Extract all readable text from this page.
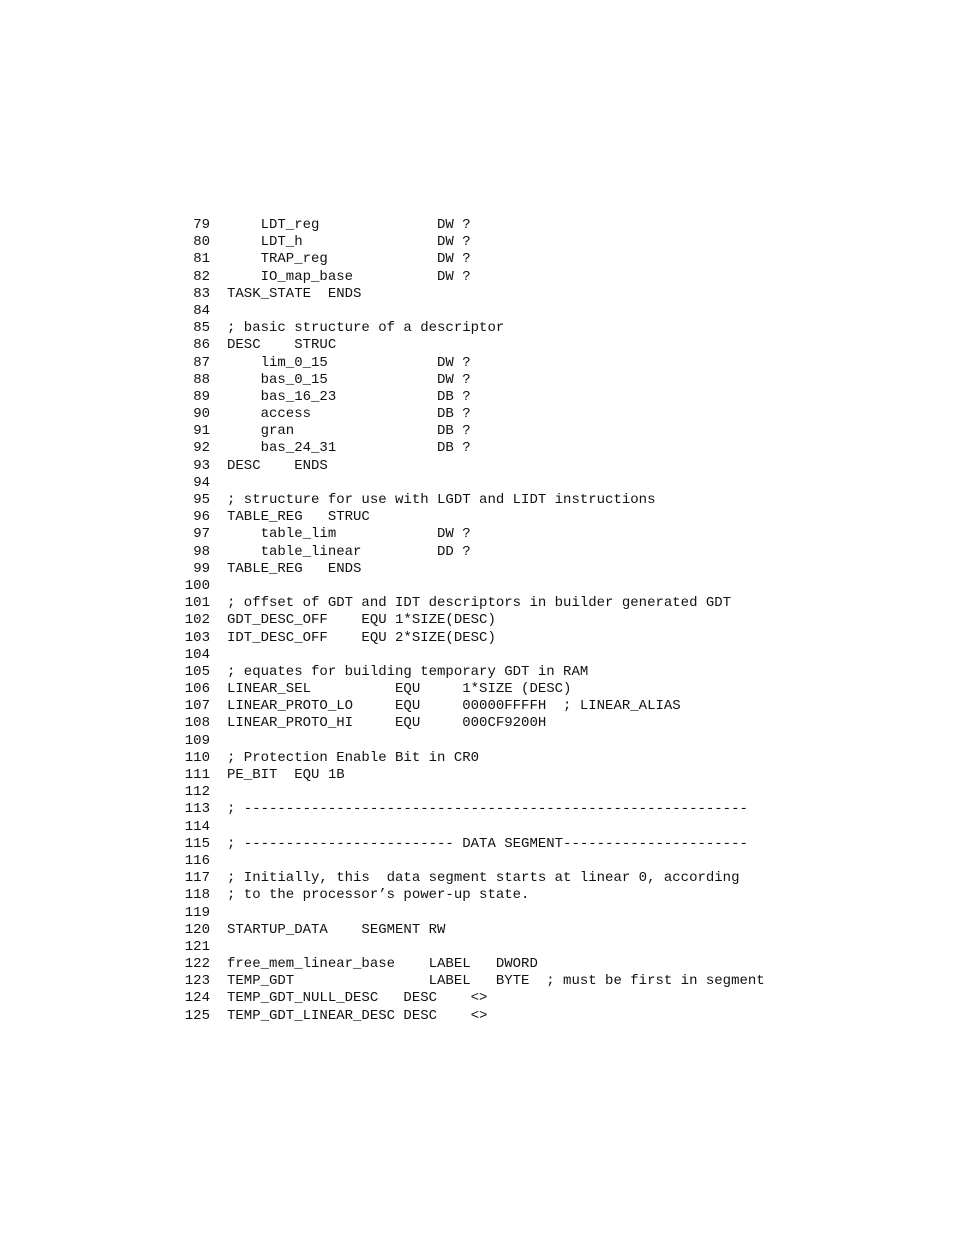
79    LDT_reg              DW ?
80    LDT_h                DW ?
81    TRAP_reg             DW ?
82    IO_map_base          DW ?
83 TASK_STATE  ENDS
84
85 ; basic structure of a descriptor
86 DESC    STRUC
87    lim_0_15             DW ?
88    bas_0_15             DW ?
89    bas_16_23            DB ?
90    access               DB ?
91    gran                 DB ?
92    bas_24_31            DB ?
93 DESC    ENDS
94
95 ; structure for use with LGDT and LIDT instructions
96 TABLE_REG   STRUC
97    table_lim            DW ?
98    table_linear         DD ?
99 TABLE_REG   ENDS
100
101 ; offset of GDT and IDT descriptors in builder generated GDT
102 GDT_DESC_OFF    EQU 1*SIZE(DESC)
103 IDT_DESC_OFF    EQU 2*SIZE(DESC)
104
105 ; equates for building temporary GDT in RAM
106 LINEAR_SEL          EQU     1*SIZE (DESC)
107 LINEAR_PROTO_LO     EQU     00000FFFFH  ; LINEAR_ALIAS
108 LINEAR_PROTO_HI     EQU     000CF9200H
109
110 ; Protection Enable Bit in CR0
111 PE_BIT  EQU 1B
112
113 ; ------------------------------------------------------------
114
115 ; ------------------------- DATA SEGMENT----------------------
116
117 ; Initially, this  data segment starts at linear 0, according
118 ; to the processor’s power-up state.
119
120 STARTUP_DATA    SEGMENT RW
121
122 free_mem_linear_base    LABEL   DWORD
123 TEMP_GDT                LABEL   BYTE  ; must be first in segment
124 TEMP_GDT_NULL_DESC   DESC    <>
125 TEMP_GDT_LINEAR_DESC DESC    <>
